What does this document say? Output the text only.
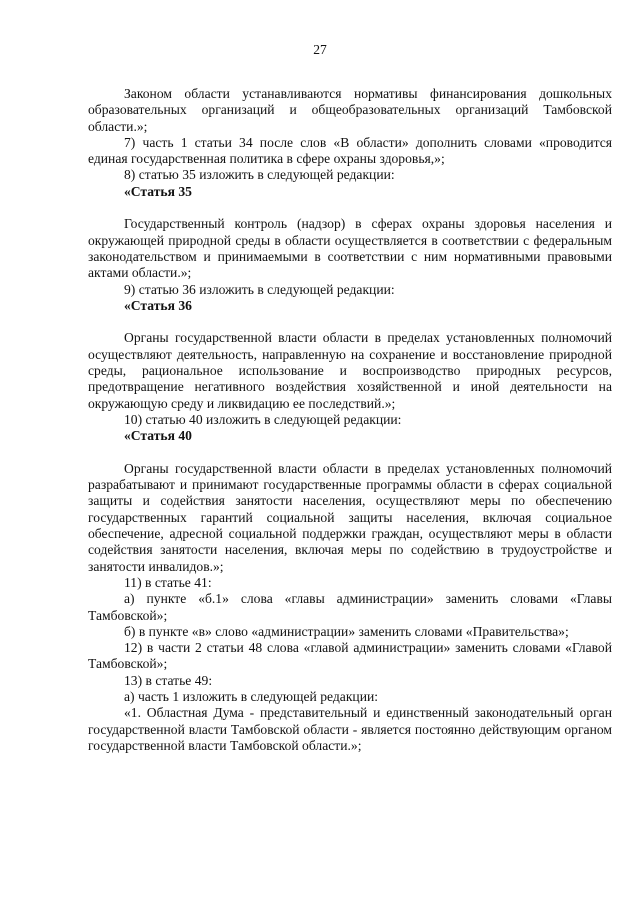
27
Законом области устанавливаются нормативы финансирования дошкольных образовательных организаций и общеобразовательных организаций Тамбовской области.»;
7) часть 1 статьи 34 после слов «В области» дополнить словами «проводится единая государственная политика в сфере охраны здоровья,»;
8) статью 35 изложить в следующей редакции:
«Статья 35
Государственный контроль (надзор) в сферах охраны здоровья населения и окружающей природной среды в области осуществляется в соответствии с федеральным законодательством и принимаемыми в соответствии с ним нормативными правовыми актами области.»;
9) статью 36 изложить в следующей редакции:
«Статья 36
Органы государственной власти области в пределах установленных полномочий осуществляют деятельность, направленную на сохранение и восстановление природной среды, рациональное использование и воспроизводство природных ресурсов, предотвращение негативного воздействия хозяйственной и иной деятельности на окружающую среду и ликвидацию ее последствий.»;
10) статью 40 изложить в следующей редакции:
«Статья 40
Органы государственной власти области в пределах установленных полномочий разрабатывают и принимают государственные программы области в сферах социальной защиты и содействия занятости населения, осуществляют меры по обеспечению государственных гарантий социальной защиты населения, включая социальное обеспечение, адресной социальной поддержки граждан, осуществляют меры в области содействия занятости населения, включая меры по содействию в трудоустройстве и занятости инвалидов.»;
11) в статье 41:
а) пункте «б.1» слова «главы администрации» заменить словами «Главы Тамбовской»;
б) в пункте «в» слово «администрации» заменить словами «Правительства»;
12) в части 2 статьи 48 слова «главой администрации» заменить словами «Главой Тамбовской»;
13) в статье 49:
а) часть 1 изложить в следующей редакции:
«1. Областная Дума - представительный и единственный законодательный орган государственной власти Тамбовской области - является постоянно действующим органом государственной власти Тамбовской области.»;
